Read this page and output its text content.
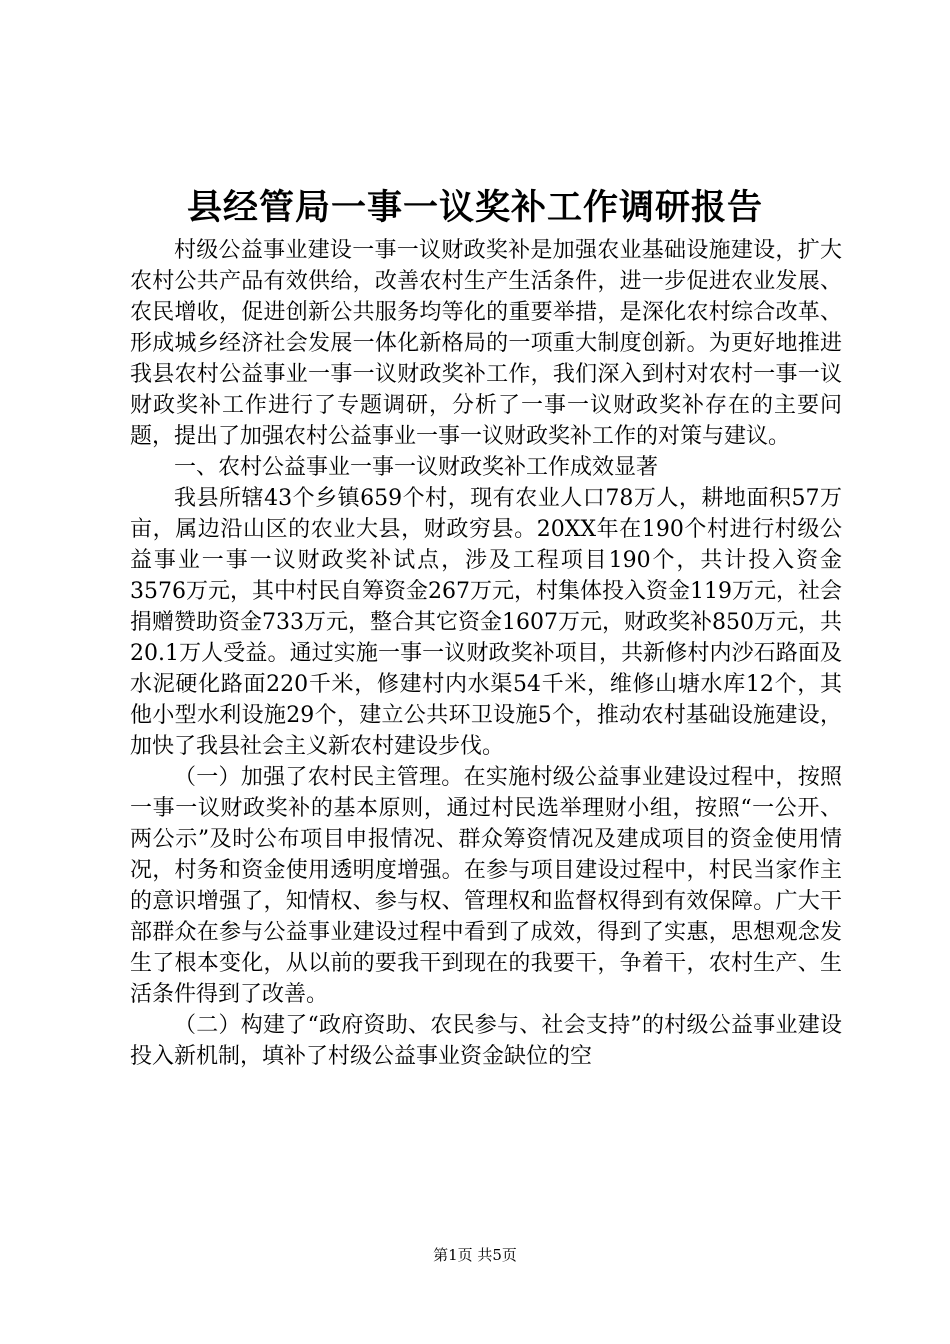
县经管局一事一议奖补工作调研报告

村级公益事业建设一事一议财政奖补是加强农业基础设施建设，扩大农村公共产品有效供给，改善农村生产生活条件，进一步促进农业发展、农民增收，促进创新公共服务均等化的重要举措，是深化农村综合改革、形成城乡经济社会发展一体化新格局的一项重大制度创新。为更好地推进我县农村公益事业一事一议财政奖补工作，我们深入到村对农村一事一议财政奖补工作进行了专题调研，分析了一事一议财政奖补存在的主要问题，提出了加强农村公益事业一事一议财政奖补工作的对策与建议。

一、农村公益事业一事一议财政奖补工作成效显著

我县所辖43个乡镇659个村，现有农业人口78万人，耕地面积57万亩，属边沿山区的农业大县，财政穷县。20XX年在190个村进行村级公益事业一事一议财政奖补试点，涉及工程项目190个，共计投入资金3576万元，其中村民自筹资金267万元，村集体投入资金119万元，社会捐赠赞助资金733万元，整合其它资金1607万元，财政奖补850万元，共20.1万人受益。通过实施一事一议财政奖补项目，共新修村内沙石路面及水泥硬化路面220千米，修建村内水渠54千米，维修山塘水库12个，其他小型水利设施29个，建立公共环卫设施5个，推动农村基础设施建设，加快了我县社会主义新农村建设步伐。

（一）加强了农村民主管理。在实施村级公益事业建设过程中，按照一事一议财政奖补的基本原则，通过村民选举理财小组，按照“一公开、两公示”及时公布项目申报情况、群众筹资情况及建成项目的资金使用情况，村务和资金使用透明度增强。在参与项目建设过程中，村民当家作主的意识增强了，知情权、参与权、管理权和监督权得到有效保障。广大干部群众在参与公益事业建设过程中看到了成效，得到了实惠，思想观念发生了根本变化，从以前的要我干到现在的我要干，争着干，农村生产、生活条件得到了改善。

（二）构建了“政府资助、农民参与、社会支持”的村级公益事业建设投入新机制，填补了村级公益事业资金缺位的空

第1页 共5页
